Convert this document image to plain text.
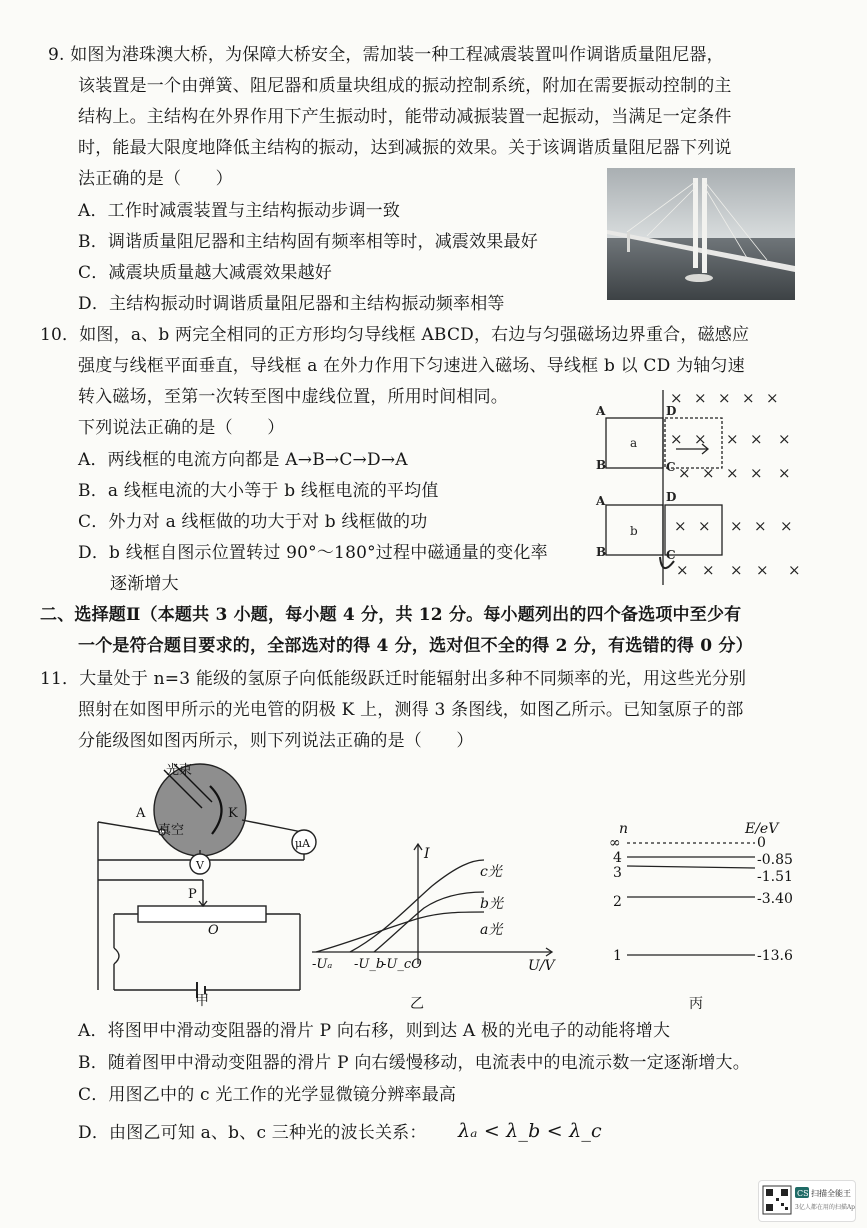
9. 如图为港珠澳大桥，为保障大桥安全，需加装一种工程减震装置叫作调谐质量阻尼器，
该装置是一个由弹簧、阻尼器和质量块组成的振动控制系统，附加在需要振动控制的主
结构上。主结构在外界作用下产生振动时，能带动减振装置一起振动，当满足一定条件
时，能最大限度地降低主结构的振动，达到减振的效果。关于该调谐质量阻尼器下列说
法正确的是（　　）
A．工作时减震装置与主结构振动步调一致
B．调谐质量阻尼器和主结构固有频率相等时，减震效果最好
C．减震块质量越大减震效果越好
D．主结构振动时调谐质量阻尼器和主结构振动频率相等
10．如图，a、b 两完全相同的正方形均匀导线框 ABCD，右边与匀强磁场边界重合，磁感应
强度与线框平面垂直，导线框 a 在外力作用下匀速进入磁场、导线框 b 以 CD 为轴匀速
转入磁场，至第一次转至图中虚线位置，所用时间相同。
下列说法正确的是（　　）
A．两线框的电流方向都是 A→B→C→D→A
B．a 线框电流的大小等于 b 线框电流的平均值
C．外力对 a 线框做的功大于对 b 线框做的功
D．b 线框自图示位置转过 90°～180°过程中磁通量的变化率
逐渐增大
A
B
D
C
a
A
B
D
C
b
× × × × ×
× × × × ×
× × × × ×
× × × × ×
× × × × ×
二、选择题Ⅱ（本题共 3 小题，每小题 4 分，共 12 分。每小题列出的四个备选项中至少有
一个是符合题目要求的，全部选对的得 4 分，选对但不全的得 2 分，有选错的得 0 分）
11．大量处于 n=3 能级的氢原子向低能级跃迁时能辐射出多种不同频率的光，用这些光分别
照射在如图甲所示的光电管的阴极 K 上，测得 3 条图线，如图乙所示。已知氢原子的部
分能级图如图丙所示，则下列说法正确的是（　　）
光束
A	K
真空
μA
V
P
O
甲
I
U/V
c光
b光
a光
-Uₐ -U_b
-U_cO
乙
n	E/eV
∞	0
4	-0.85
3	-1.51
2	-3.40
1	-13.6
丙
A．将图甲中滑动变阻器的滑片 P 向右移，则到达 A 极的光电子的动能将增大
B．随着图甲中滑动变阻器的滑片 P 向右缓慢移动，电流表中的电流示数一定逐渐增大。
C．用图乙中的 c 光工作的光学显微镜分辨率最高
D．由图乙可知 a、b、c 三种光的波长关系： λₐ < λ_b < λ_c
CS 扫描全能王
3亿人都在用的扫描App
